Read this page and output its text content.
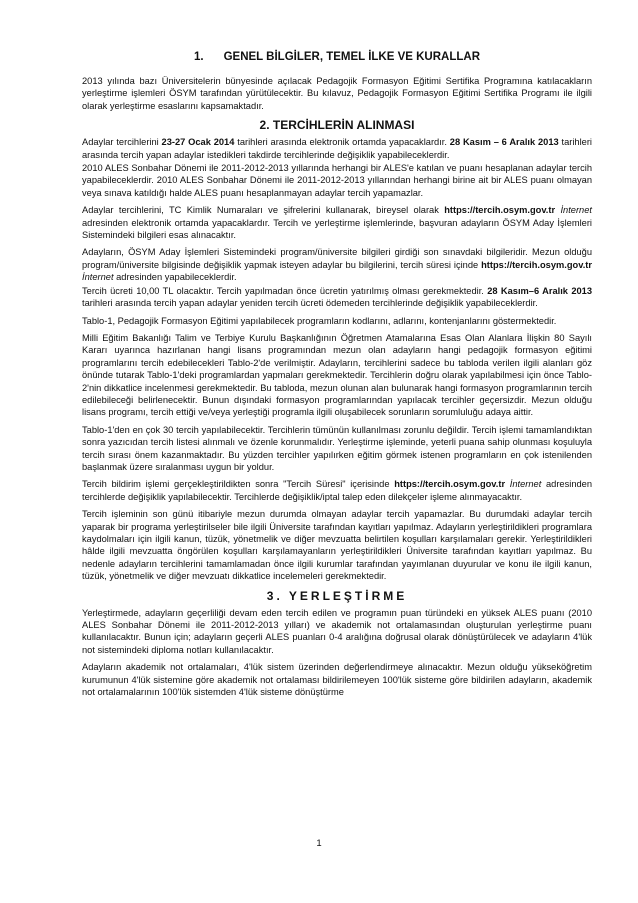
1. GENEL BİLGİLER, TEMEL İLKE VE KURALLAR
2013 yılında bazı Üniversitelerin bünyesinde açılacak Pedagojik Formasyon Eğitimi Sertifika Programına katılacakların yerleştirme işlemleri ÖSYM tarafından yürütülecektir. Bu kılavuz, Pedagojik Formasyon Eğitimi Sertifika Programı ile ilgili olarak yerleştirme esaslarını kapsamaktadır.
2. TERCİHLERİN ALINMASI
Adaylar tercihlerini 23-27 Ocak 2014 tarihleri arasında elektronik ortamda yapacaklardır. 28 Kasım – 6 Aralık 2013 tarihleri arasında tercih yapan adaylar istedikleri takdirde tercihlerinde değişiklik yapabileceklerdir.
2010 ALES Sonbahar Dönemi ile 2011-2012-2013 yıllarında herhangi bir ALES'e katılan ve puanı hesaplanan adaylar tercih yapabileceklerdir. 2010 ALES Sonbahar Dönemi ile 2011-2012-2013 yıllarından herhangi birine ait bir ALES puanı olmayan veya sınava katıldığı halde ALES puanı hesaplanmayan adaylar tercih yapamazlar.
Adaylar tercihlerini, TC Kimlik Numaraları ve şifrelerini kullanarak, bireysel olarak https://tercih.osym.gov.tr İnternet adresinden elektronik ortamda yapacaklardır. Tercih ve yerleştirme işlemlerinde, başvuran adayların ÖSYM Aday İşlemleri Sistemindeki bilgileri esas alınacaktır.
Adayların, ÖSYM Aday İşlemleri Sistemindeki program/üniversite bilgileri girdiği son sınavdaki bilgileridir. Mezun olduğu program/üniversite bilgisinde değişiklik yapmak isteyen adaylar bu bilgilerini, tercih süresi içinde https://tercih.osym.gov.tr İnternet adresinden yapabileceklerdir.
Tercih ücreti 10,00 TL olacaktır. Tercih yapılmadan önce ücretin yatırılmış olması gerekmektedir. 28 Kasım–6 Aralık 2013 tarihleri arasında tercih yapan adaylar yeniden tercih ücreti ödemeden tercihlerinde değişiklik yapabileceklerdir.
Tablo-1, Pedagojik Formasyon Eğitimi yapılabilecek programların kodlarını, adlarını, kontenjanlarını göstermektedir.
Milli Eğitim Bakanlığı Talim ve Terbiye Kurulu Başkanlığının Öğretmen Atamalarına Esas Olan Alanlara İlişkin 80 Sayılı Kararı uyarınca hazırlanan hangi lisans programından mezun olan adayların hangi pedagojik formasyon eğitimi programlarını tercih edebilecekleri Tablo-2'de verilmiştir. Adayların, tercihlerini sadece bu tabloda verilen ilgili alanları göz önünde tutarak Tablo-1'deki programlardan yapmaları gerekmektedir. Tercihlerin doğru olarak yapılabilmesi için önce Tablo-2'nin dikkatlice incelenmesi gerekmektedir. Bu tabloda, mezun olunan alan bulunarak hangi formasyon programlarının tercih edilebileceği belirlenecektir. Bunun dışındaki formasyon programlarından yapılacak tercihler geçersizdir. Mezun olduğu lisans programı, tercih ettiği ve/veya yerleştiği programla ilgili oluşabilecek sorunların sorumluluğu adaya aittir.
Tablo-1'den en çok 30 tercih yapılabilecektir. Tercihlerin tümünün kullanılması zorunlu değildir. Tercih işlemi tamamlandıktan sonra yazıcıdan tercih listesi alınmalı ve özenle korunmalıdır. Yerleştirme işleminde, yeterli puana sahip olunması koşuluyla tercih sırası önem kazanmaktadır. Bu yüzden tercihler yapılırken eğitim görmek istenen programların en çok istenilenden başlanmak üzere sıralanması uygun bir yoldur.
Tercih bildirim işlemi gerçekleştirildikten sonra "Tercih Süresi" içerisinde https://tercih.osym.gov.tr İnternet adresinden tercihlerde değişiklik yapılabilecektir. Tercihlerde değişiklik/iptal talep eden dilekçeler işleme alınmayacaktır.
Tercih işleminin son günü itibariyle mezun durumda olmayan adaylar tercih yapamazlar. Bu durumdaki adaylar tercih yaparak bir programa yerleştirilseler bile ilgili Üniversite tarafından kayıtları yapılmaz. Adayların yerleştirildikleri programlara kaydolmaları için ilgili kanun, tüzük, yönetmelik ve diğer mevzuatta belirtilen koşulları karşılamaları gerekir. Yerleştirildikleri hâlde ilgili mevzuatta öngörülen koşulları karşılamayanların yerleştirildikleri Üniversite tarafından kayıtları yapılmaz. Bu nedenle adayların tercihlerini tamamlamadan önce ilgili kurumlar tarafından yayımlanan duyurular ve konu ile ilgili kanun, tüzük, yönetmelik ve diğer mevzuatı dikkatlice incelemeleri gerekmektedir.
3. YERLEŞTİRME
Yerleştirmede, adayların geçerliliği devam eden tercih edilen ve programın puan türündeki en yüksek ALES puanı (2010 ALES Sonbahar Dönemi ile 2011-2012-2013 yılları) ve akademik not ortalamasından oluşturulan yerleştirme puanı kullanılacaktır. Bunun için; adayların geçerli ALES puanları 0-4 aralığına doğrusal olarak dönüştürülecek ve adayların 4'lük not sistemindeki diploma notları kullanılacaktır.
Adayların akademik not ortalamaları, 4'lük sistem üzerinden değerlendirmeye alınacaktır. Mezun olduğu yükseköğretim kurumunun 4'lük sistemine göre akademik not ortalaması bildirilemeyen 100'lük sisteme göre bildirilen adayların, akademik not ortalamalarının 100'lük sistemden 4'lük sisteme dönüştürme
1
